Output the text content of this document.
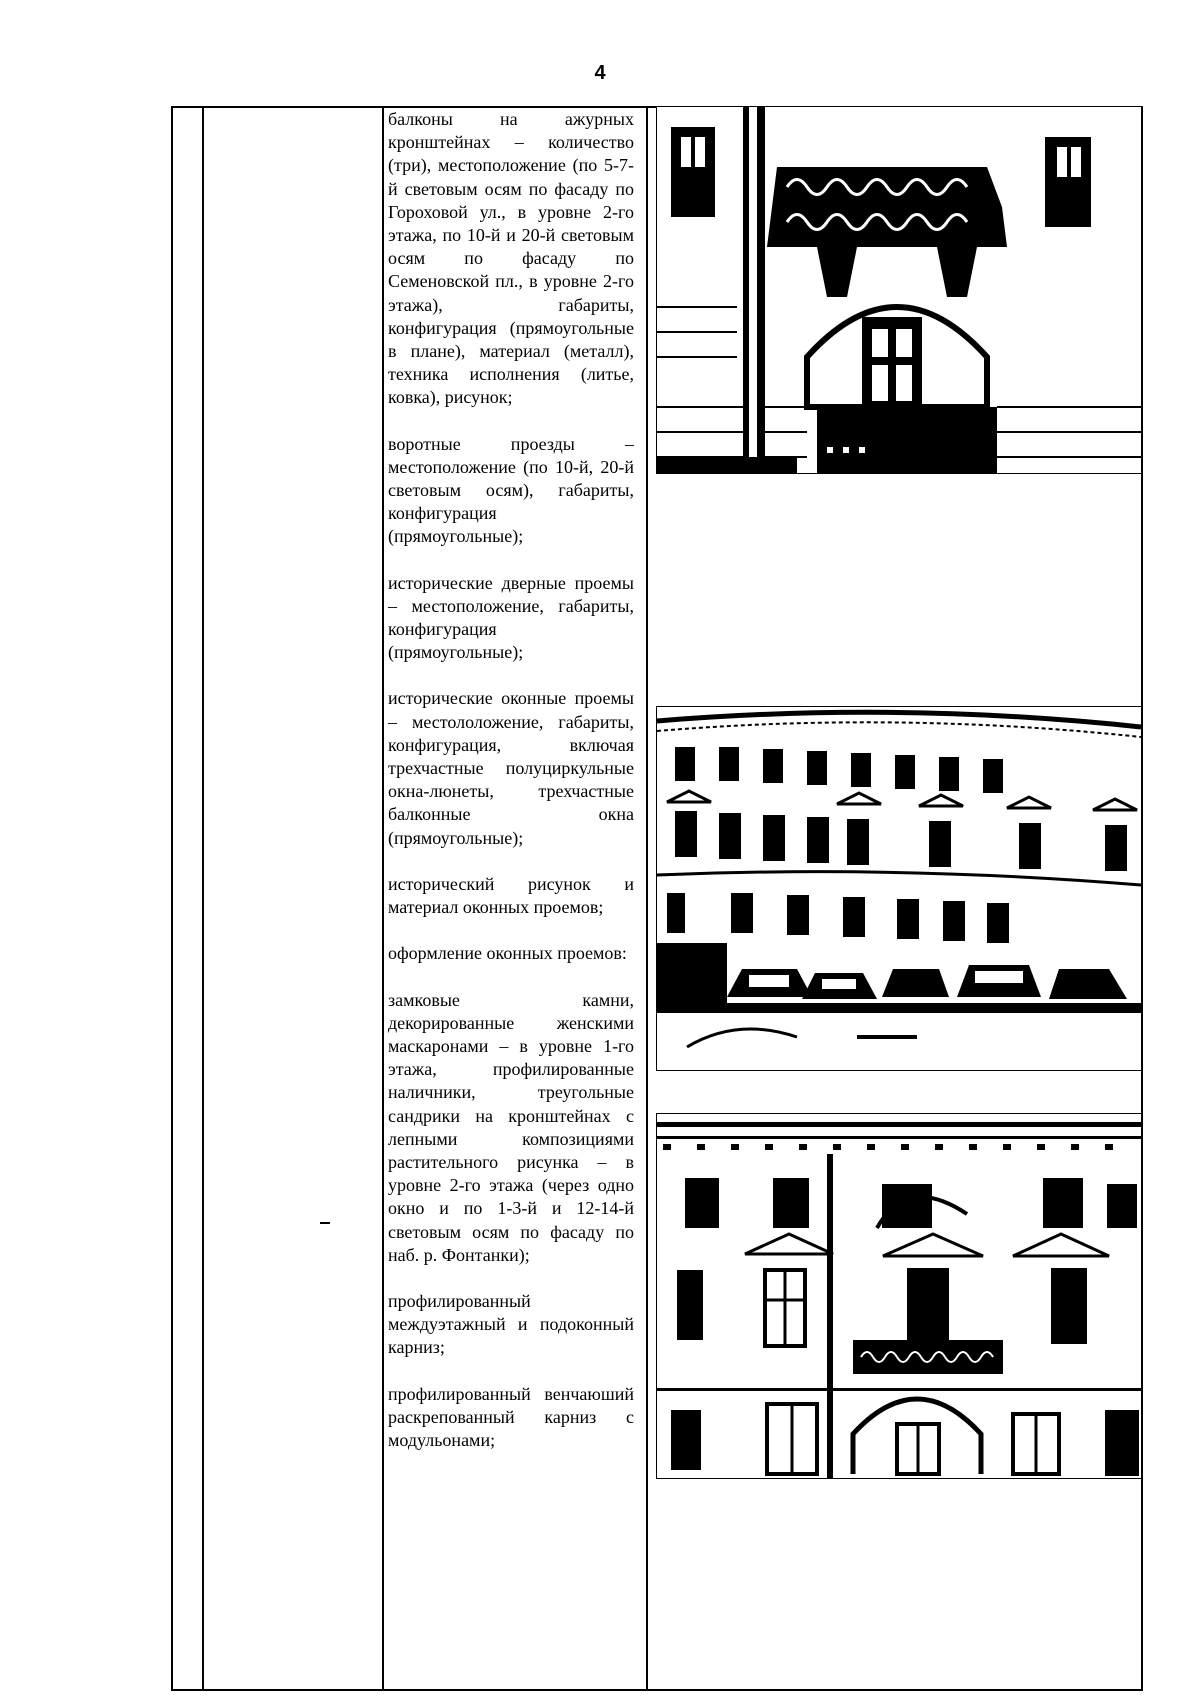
4

балконы на ажурных кронштейнах – количество (три), местоположение (по 5-7-й световым осям по фасаду по Гороховой ул., в уровне 2-го этажа, по 10-й и 20-й световым осям по фасаду по Семеновской пл., в уровне 2-го этажа), габариты, конфигурация (прямоугольные в плане), материал (металл), техника исполнения (литье, ковка), рисунок;

воротные проезды – местоположение (по 10-й, 20-й световым осям), габариты, конфигурация (прямоугольные);

исторические дверные проемы – местоположение, габариты, конфигурация (прямоугольные);

исторические оконные проемы – местололожение, габариты, конфигурация, включая трехчастные полуциркульные окна-люнеты, трехчастные балконные окна (прямоугольные);

исторический рисунок и материал оконных проемов;

оформление оконных проемов:

замковые камни, декорированные женскими маскаронами – в уровне 1-го этажа, профилированные наличники, треугольные сандрики на кронштейнах с лепными композициями растительного рисунка – в уровне 2-го этажа (через одно окно и по 1-3-й и 12-14-й световым осям по фасаду по наб. р. Фонтанки);

профилированный междуэтажный и подоконный карниз;

профилированный венчаюший раскрепованный карниз с модульонами;
